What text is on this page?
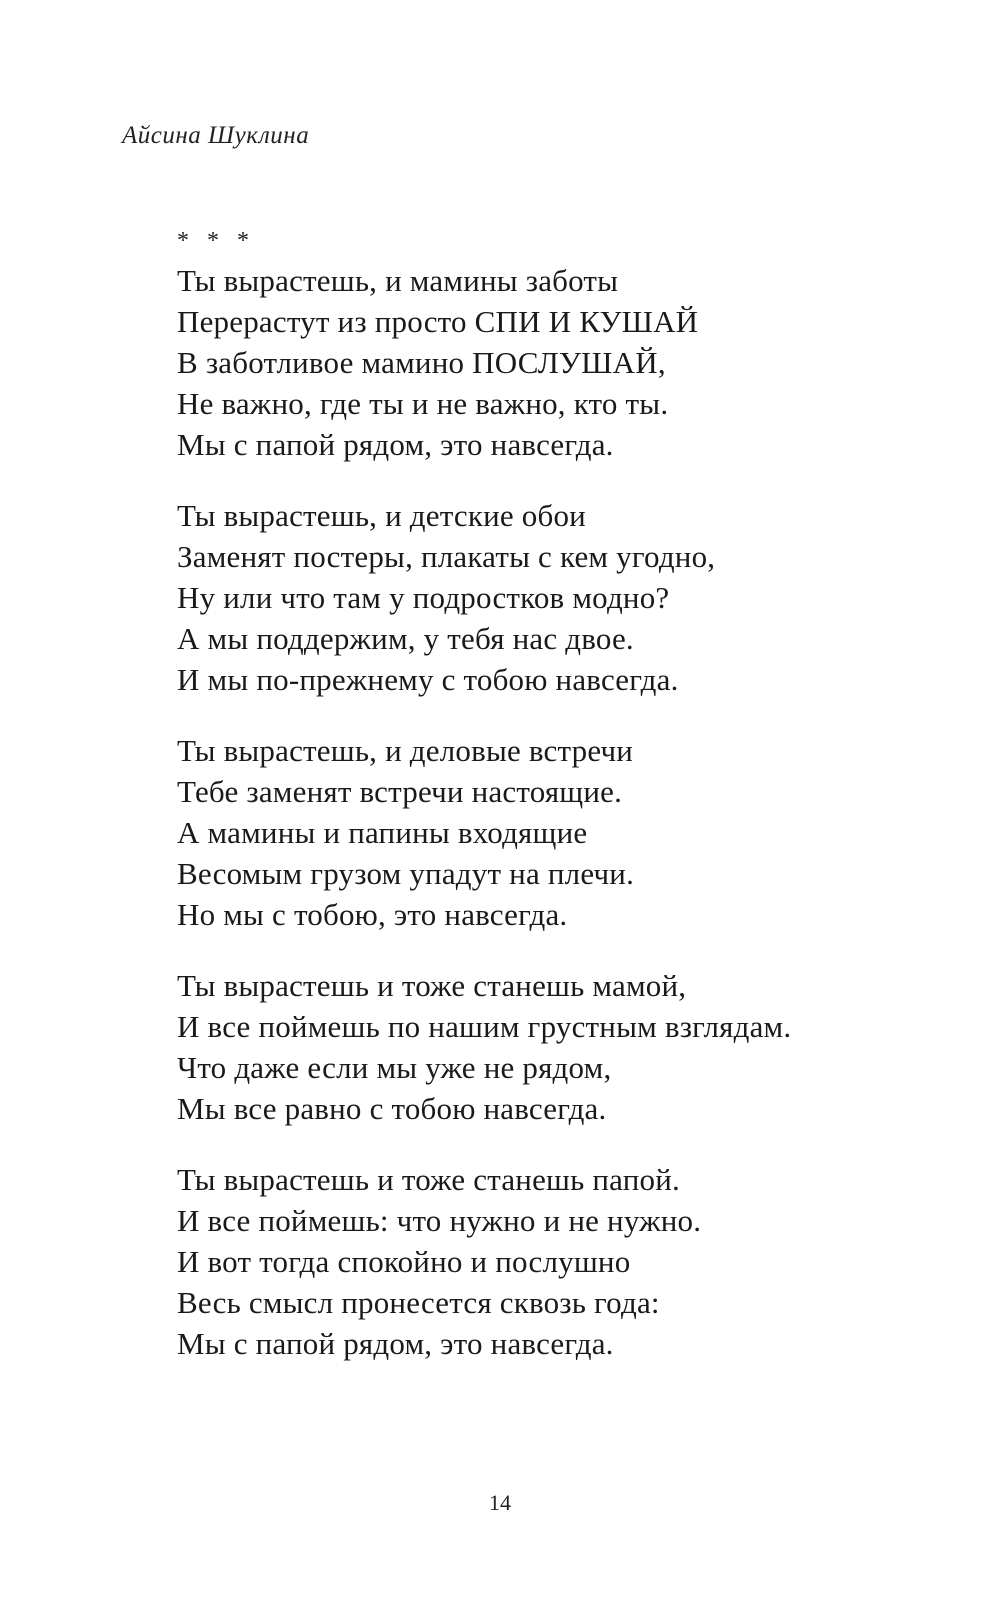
Айсина Шуклина
* * *
Ты вырастешь, и мамины заботы
Перерастут из просто СПИ И КУШАЙ
В заботливое мамино ПОСЛУШАЙ,
Не важно, где ты и не важно, кто ты.
Мы с папой рядом, это навсегда.
Ты вырастешь, и детские обои
Заменят постеры, плакаты с кем угодно,
Ну или что там у подростков модно?
А мы поддержим, у тебя нас двое.
И мы по-прежнему с тобою навсегда.
Ты вырастешь, и деловые встречи
Тебе заменят встречи настоящие.
А мамины и папины входящие
Весомым грузом упадут на плечи.
Но мы с тобою, это навсегда.
Ты вырастешь и тоже станешь мамой,
И все поймешь по нашим грустным взглядам.
Что даже если мы уже не рядом,
Мы все равно с тобою навсегда.
Ты вырастешь и тоже станешь папой.
И все поймешь: что нужно и не нужно.
И вот тогда спокойно и послушно
Весь смысл пронесется сквозь года:
Мы с папой рядом, это навсегда.
14
